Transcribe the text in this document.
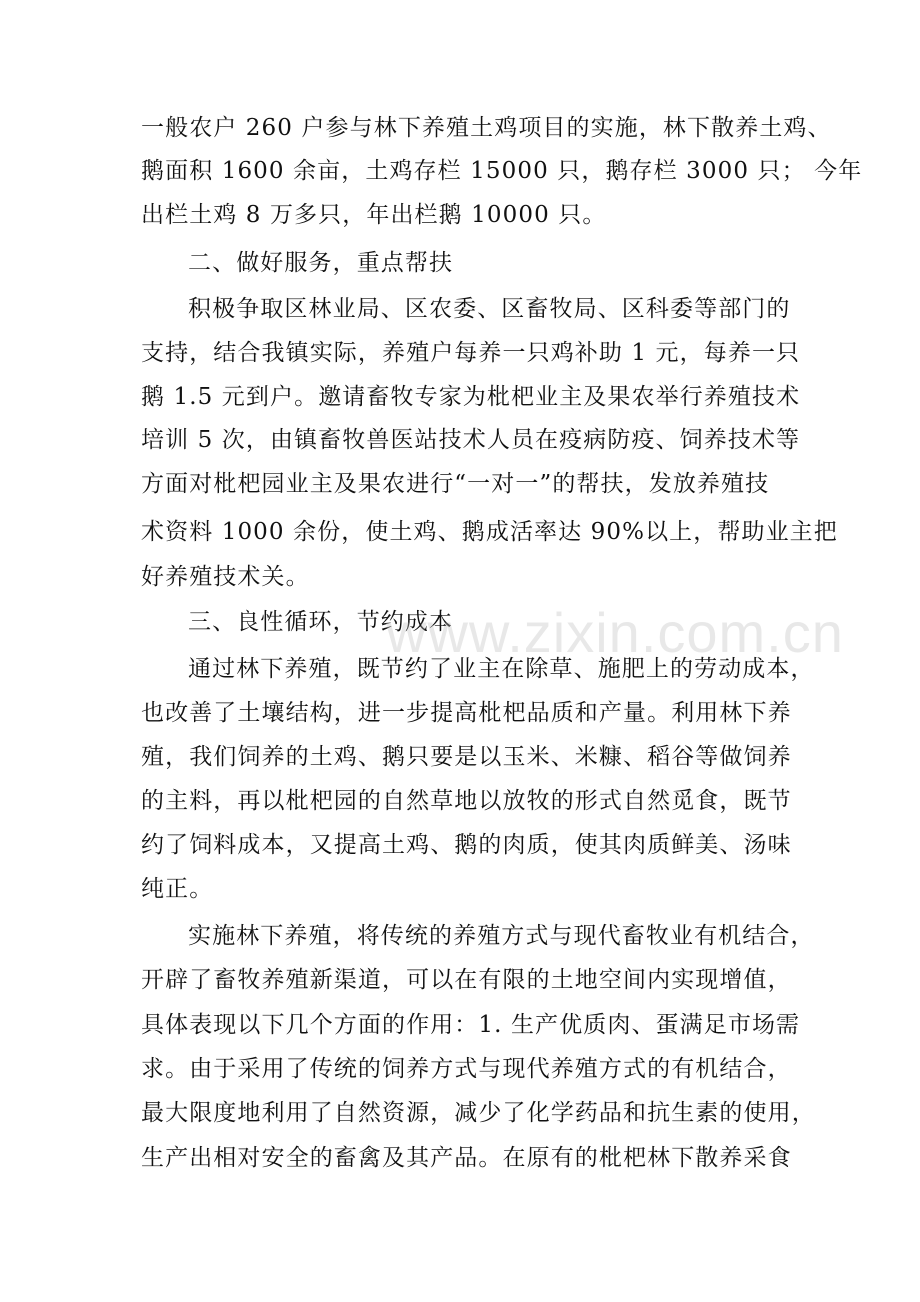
一般农户 260 户参与林下养殖土鸡项目的实施，林下散养土鸡、
鹅面积 1600 余亩，土鸡存栏 15000 只，鹅存栏 3000 只； 今年
出栏土鸡 8 万多只，年出栏鹅 10000 只。
二、做好服务，重点帮扶
积极争取区林业局、区农委、区畜牧局、区科委等部门的
支持，结合我镇实际，养殖户每养一只鸡补助 1 元，每养一只
鹅 1.5 元到户。邀请畜牧专家为枇杷业主及果农举行养殖技术
培训 5 次，由镇畜牧兽医站技术人员在疫病防疫、饲养技术等
方面对枇杷园业主及果农进行“一对一”的帮扶，发放养殖技
术资料 1000 余份，使土鸡、鹅成活率达 90%以上，帮助业主把
好养殖技术关。
三、良性循环，节约成本
通过林下养殖，既节约了业主在除草、施肥上的劳动成本，
也改善了土壤结构，进一步提高枇杷品质和产量。利用林下养
殖，我们饲养的土鸡、鹅只要是以玉米、米糠、稻谷等做饲养
的主料，再以枇杷园的自然草地以放牧的形式自然觅食，既节
约了饲料成本，又提高土鸡、鹅的肉质，使其肉质鲜美、汤味
纯正。
实施林下养殖，将传统的养殖方式与现代畜牧业有机结合，
开辟了畜牧养殖新渠道，可以在有限的土地空间内实现增值，
具体表现以下几个方面的作用：1. 生产优质肉、蛋满足市场需
求。由于采用了传统的饲养方式与现代养殖方式的有机结合，
最大限度地利用了自然资源，减少了化学药品和抗生素的使用，
生产出相对安全的畜禽及其产品。在原有的枇杷林下散养采食
www.zixin.com.cn
